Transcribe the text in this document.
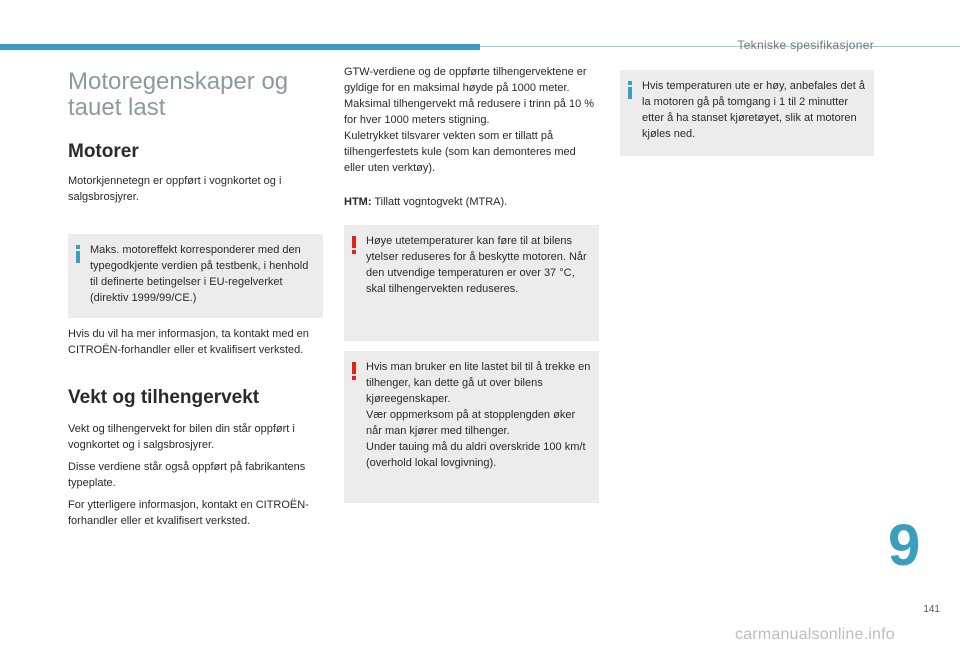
Tekniske spesifikasjoner
Motoregenskaper og tauet last
Motorer

Motorkjennetegn er oppført i vognkortet og i salgsbrosjyrer.

Maks. motoreffekt korresponderer med den typegodkjente verdien på testbenk, i henhold til definerte betingelser i EU-regelverket (direktiv 1999/99/CE.)

Hvis du vil ha mer informasjon, ta kontakt med en CITROËN-forhandler eller et kvalifisert verksted.

Vekt og tilhengervekt

Vekt og tilhengervekt for bilen din står oppført i vognkortet og i salgsbrosjyrer.

Disse verdiene står også oppført på fabrikantens typeplate.

For ytterligere informasjon, kontakt en CITROËN-forhandler eller et kvalifisert verksted.

GTW-verdiene og de oppførte tilhengervektene er gyldige for en maksimal høyde på 1000 meter. Maksimal tilhengervekt må redusere i trinn på 10 % for hver 1000 meters stigning.

Kuletrykket tilsvarer vekten som er tillatt på tilhengerfestets kule (som kan demonteres med eller uten verktøy).

HTM: Tillatt vogntogvekt (MTRA).

Høye utetemperaturer kan føre til at bilens ytelser reduseres for å beskytte motoren. Når den utvendige temperaturen er over 37 °C, skal tilhengervekten reduseres.

Hvis man bruker en lite lastet bil til å trekke en tilhenger, kan dette gå ut over bilens kjøreegenskaper.

Vær oppmerksom på at stopplengden øker når man kjører med tilhenger.

Under tauing må du aldri overskride 100 km/t (overhold lokal lovgivning).

Hvis temperaturen ute er høy, anbefales det å la motoren gå på tomgang i 1 til 2 minutter etter å ha stanset kjøretøyet, slik at motoren kjøles ned.

9
141
carmanualsonline.info
